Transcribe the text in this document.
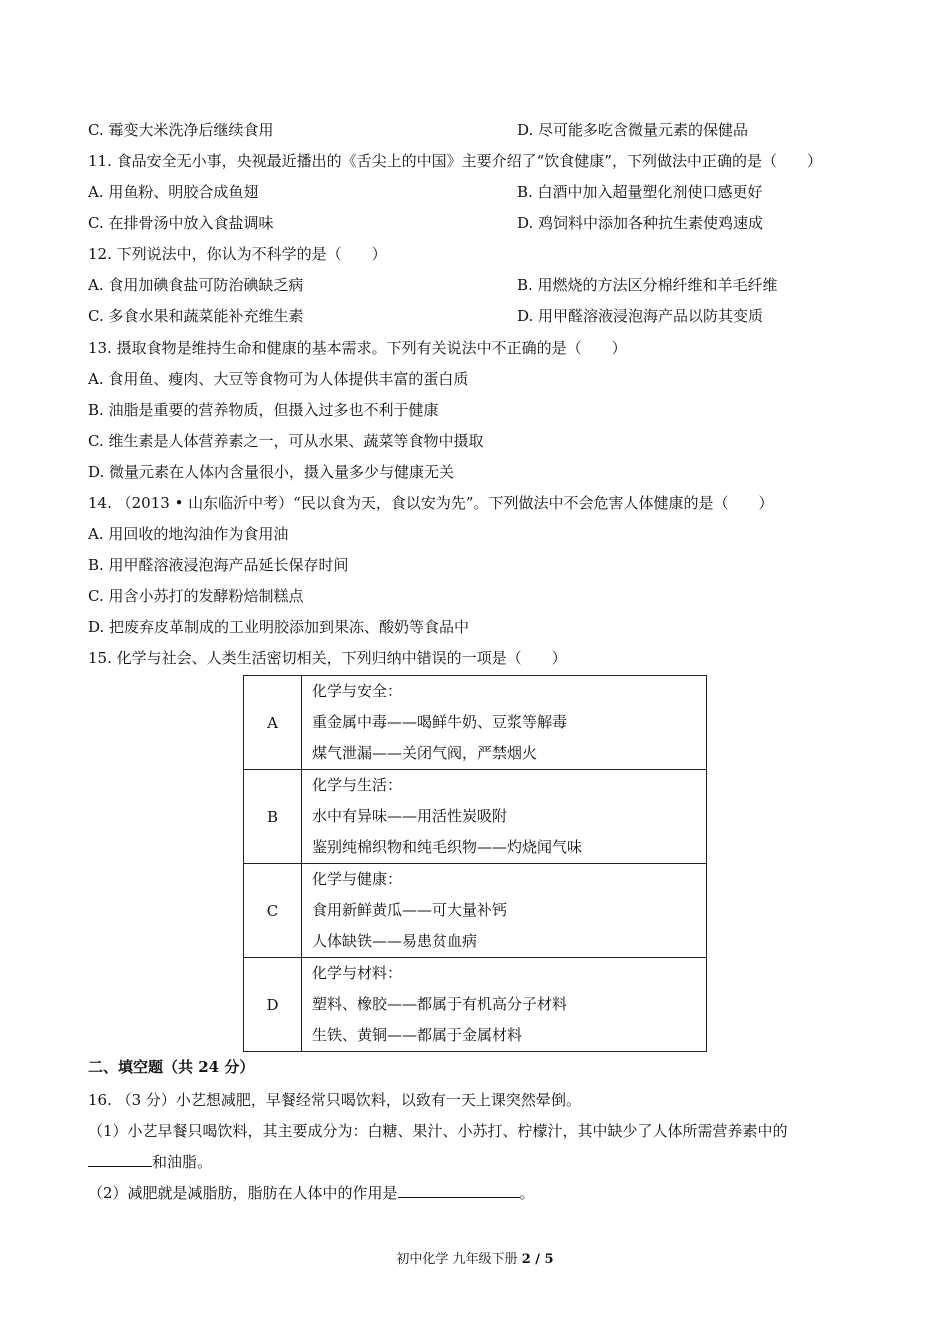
C. 霉变大米洗净后继续食用	D. 尽可能多吃含微量元素的保健品
11. 食品安全无小事，央视最近播出的《舌尖上的中国》主要介绍了“饮食健康”，下列做法中正确的是（　　）
A. 用鱼粉、明胶合成鱼翅	B. 白酒中加入超量塑化剂使口感更好
C. 在排骨汤中放入食盐调味	D. 鸡饲料中添加各种抗生素使鸡速成
12. 下列说法中，你认为不科学的是（　　）
A. 食用加碘食盐可防治碘缺乏病	B. 用燃烧的方法区分棉纤维和羊毛纤维
C. 多食水果和蔬菜能补充维生素	D. 用甲醛溶液浸泡海产品以防其变质
13. 摄取食物是维持生命和健康的基本需求。下列有关说法中不正确的是（　　）
A. 食用鱼、瘦肉、大豆等食物可为人体提供丰富的蛋白质
B. 油脂是重要的营养物质，但摄入过多也不利于健康
C. 维生素是人体营养素之一，可从水果、蔬菜等食物中摄取
D. 微量元素在人体内含量很小，摄入量多少与健康无关
14. （2013 • 山东临沂中考）“民以食为天，食以安为先”。下列做法中不会危害人体健康的是（　　）
A. 用回收的地沟油作为食用油
B. 用甲醛溶液浸泡海产品延长保存时间
C. 用含小苏打的发酵粉焙制糕点
D. 把废弃皮革制成的工业明胶添加到果冻、酸奶等食品中
15. 化学与社会、人类生活密切相关，下列归纳中错误的一项是（　　）
A	化学与安全：
重金属中毒——喝鲜牛奶、豆浆等解毒
煤气泄漏——关闭气阀，严禁烟火

B	化学与生活：
水中有异味——用活性炭吸附
鉴别纯棉织物和纯毛织物——灼烧闻气味

C	化学与健康：
食用新鲜黄瓜——可大量补钙
人体缺铁——易患贫血病

D	化学与材料：
塑料、橡胶——都属于有机高分子材料
生铁、黄铜——都属于金属材料
二、填空题（共 24 分）
16. （3 分）小艺想减肥，早餐经常只喝饮料，以致有一天上课突然晕倒。
（1）小艺早餐只喝饮料，其主要成分为：白糖、果汁、小苏打、柠檬汁，其中缺少了人体所需营养素中的
和油脂。
（2）减肥就是减脂肪，脂肪在人体中的作用是	。
初中化学 九年级下册 2 / 5
